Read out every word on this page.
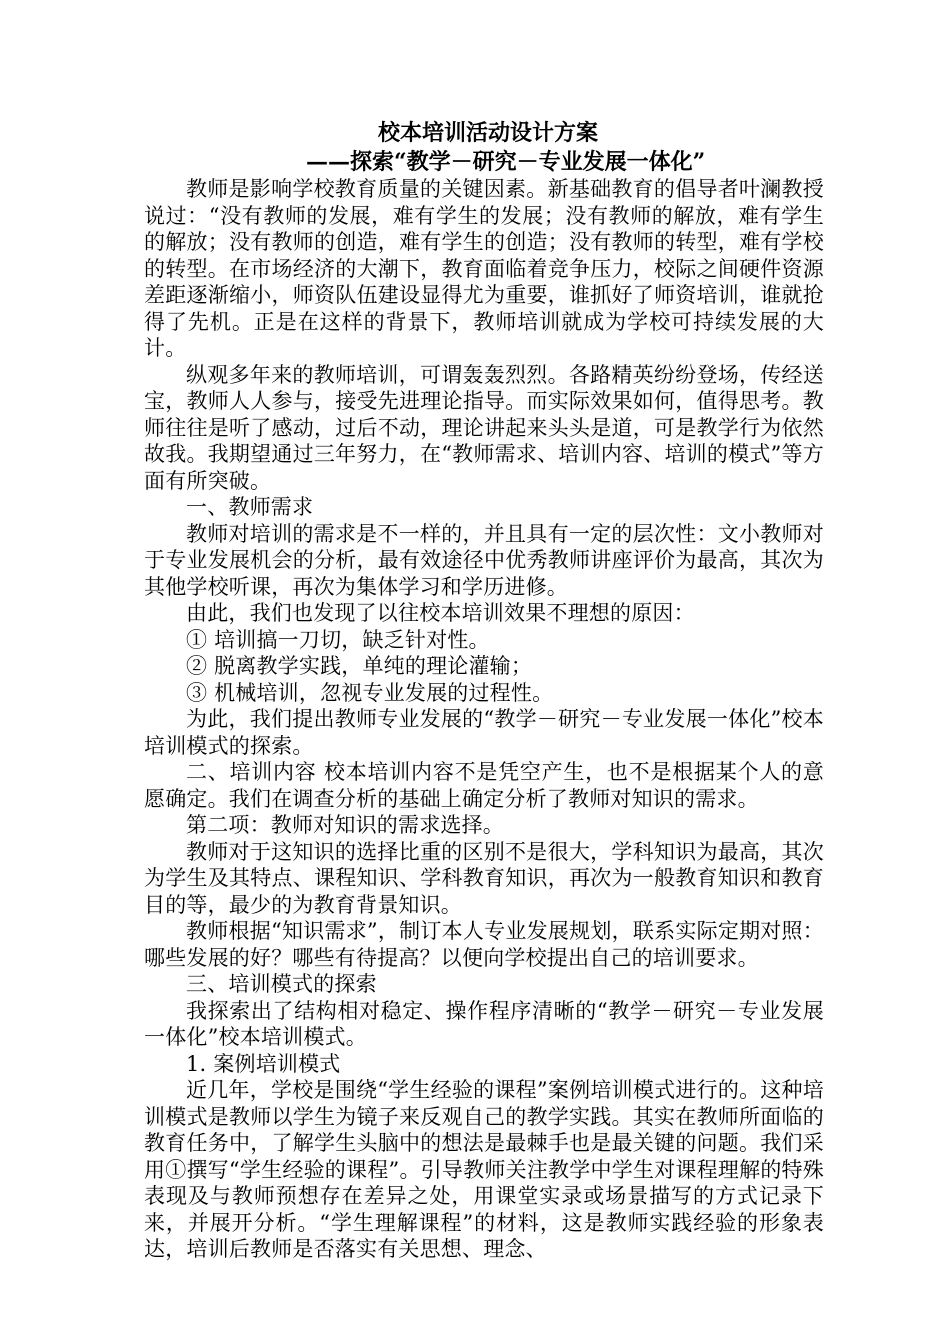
校本培训活动设计方案
——探索“教学－研究－专业发展一体化”

教师是影响学校教育质量的关键因素。新基础教育的倡导者叶澜教授说过：“没有教师的发展，难有学生的发展；没有教师的解放，难有学生的解放；没有教师的创造，难有学生的创造；没有教师的转型，难有学校的转型。在市场经济的大潮下，教育面临着竞争压力，校际之间硬件资源差距逐渐缩小，师资队伍建设显得尤为重要，谁抓好了师资培训，谁就抢得了先机。正是在这样的背景下，教师培训就成为学校可持续发展的大计。

纵观多年来的教师培训，可谓轰轰烈烈。各路精英纷纷登场，传经送宝，教师人人参与，接受先进理论指导。而实际效果如何，值得思考。教师往往是听了感动，过后不动，理论讲起来头头是道，可是教学行为依然故我。我期望通过三年努力，在“教师需求、培训内容、培训的模式”等方面有所突破。

一、教师需求

教师对培训的需求是不一样的，并且具有一定的层次性：文小教师对于专业发展机会的分析，最有效途径中优秀教师讲座评价为最高，其次为其他学校听课，再次为集体学习和学历进修。

由此，我们也发现了以往校本培训效果不理想的原因：

① 培训搞一刀切，缺乏针对性。

② 脱离教学实践，单纯的理论灌输；

③ 机械培训，忽视专业发展的过程性。

为此，我们提出教师专业发展的“教学－研究－专业发展一体化”校本培训模式的探索。

二、培训内容 校本培训内容不是凭空产生，也不是根据某个人的意愿确定。我们在调查分析的基础上确定分析了教师对知识的需求。

第二项：教师对知识的需求选择。

教师对于这知识的选择比重的区别不是很大，学科知识为最高，其次为学生及其特点、课程知识、学科教育知识，再次为一般教育知识和教育目的等，最少的为教育背景知识。

教师根据“知识需求”，制订本人专业发展规划，联系实际定期对照：哪些发展的好？哪些有待提高？以便向学校提出自己的培训要求。

三、培训模式的探索

我探索出了结构相对稳定、操作程序清晰的“教学－研究－专业发展一体化”校本培训模式。

1. 案例培训模式

近几年，学校是围绕“学生经验的课程”案例培训模式进行的。这种培训模式是教师以学生为镜子来反观自己的教学实践。其实在教师所面临的教育任务中，了解学生头脑中的想法是最棘手也是最关键的问题。我们采用①撰写“学生经验的课程”。引导教师关注教学中学生对课程理解的特殊表现及与教师预想存在差异之处，用课堂实录或场景描写的方式记录下来，并展开分析。“学生理解课程”的材料，这是教师实践经验的形象表达，培训后教师是否落实有关思想、理念、
